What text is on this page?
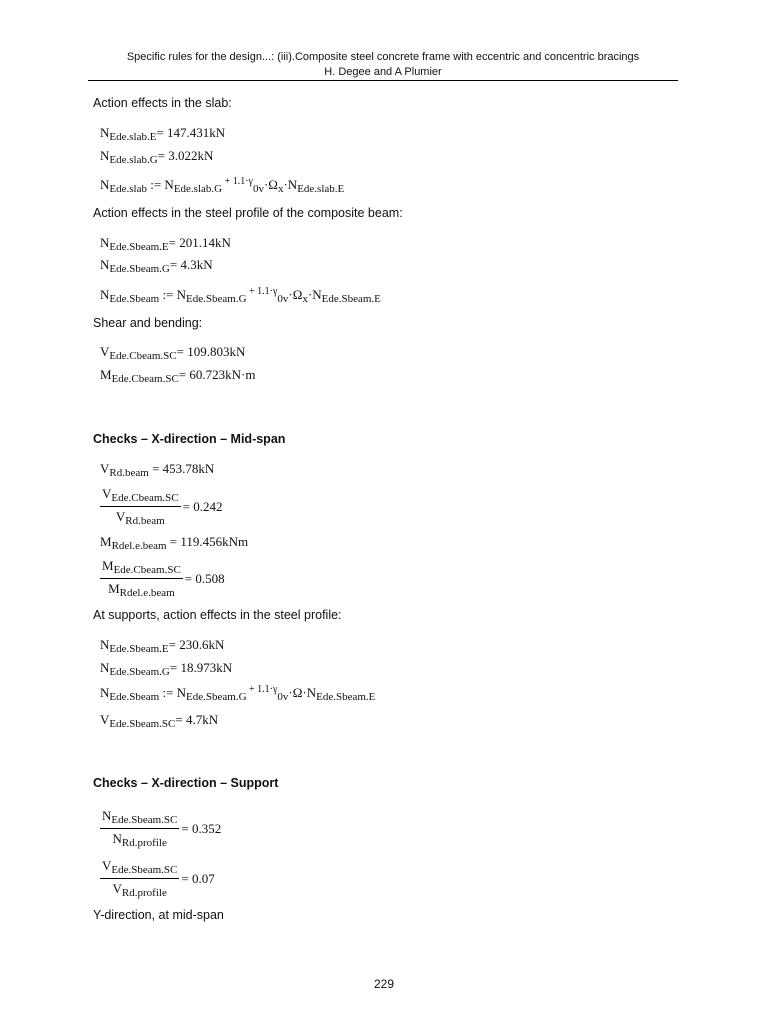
Specific rules for the design...: (iii).Composite steel concrete frame with eccentric and concentric bracings
H. Degee and A Plumier
Action effects in the slab:
$N_{Ede.slab.E}= 147.431kN$
$N_{Ede.slab.G}= 3.022kN$
$N_{Ede.slab}$ := $N_{Ede.slab.G}$ $^{+ 1.1\cdot\gamma}_{0v}\cdot\Omega_x\cdot N_{Ede.slab.E}$
Action effects in the steel profile of the composite beam:
$N_{Ede.Sbeam.E}= 201.14kN$
$N_{Ede.Sbeam.G}= 4.3kN$
$N_{Ede.Sbeam}$ := $N_{Ede.Sbeam.G}$ $^{+ 1.1\cdot\gamma}_{0v}\cdot\Omega_x\cdot N_{Ede.Sbeam.E}$
Shear and bending:
$V_{Ede.Cbeam.SC}= 109.803kN$
$M_{Ede.Cbeam.SC}= 60.723kN\cdot m$
Checks – X-direction – Mid-span
$V_{Rd.beam} = 453.78kN$
$\frac{V_{Ede.Cbeam.SC}}{V_{Rd.beam}} = 0.242$
$M_{Rdel.e.beam} = 119.456kNm$
$\frac{M_{Ede.Cbeam.SC}}{M_{Rdel.e.beam}} = 0.508$
At supports, action effects in the steel profile:
$N_{Ede.Sbeam.E}= 230.6kN$
$N_{Ede.Sbeam.G}= 18.973kN$
$N_{Ede.Sbeam}$ := $N_{Ede.Sbeam.G}$ $^{+ 1.1\cdot\gamma}_{0v}\cdot\Omega\cdot N_{Ede.Sbeam.E}$
$V_{Ede.Sbeam.SC}= 4.7kN$
Checks – X-direction – Support
$\frac{N_{Ede.Sbeam.SC}}{N_{Rd.profile}} = 0.352$
$\frac{V_{Ede.Sbeam.SC}}{V_{Rd.profile}} = 0.07$
Y-direction, at mid-span
229
